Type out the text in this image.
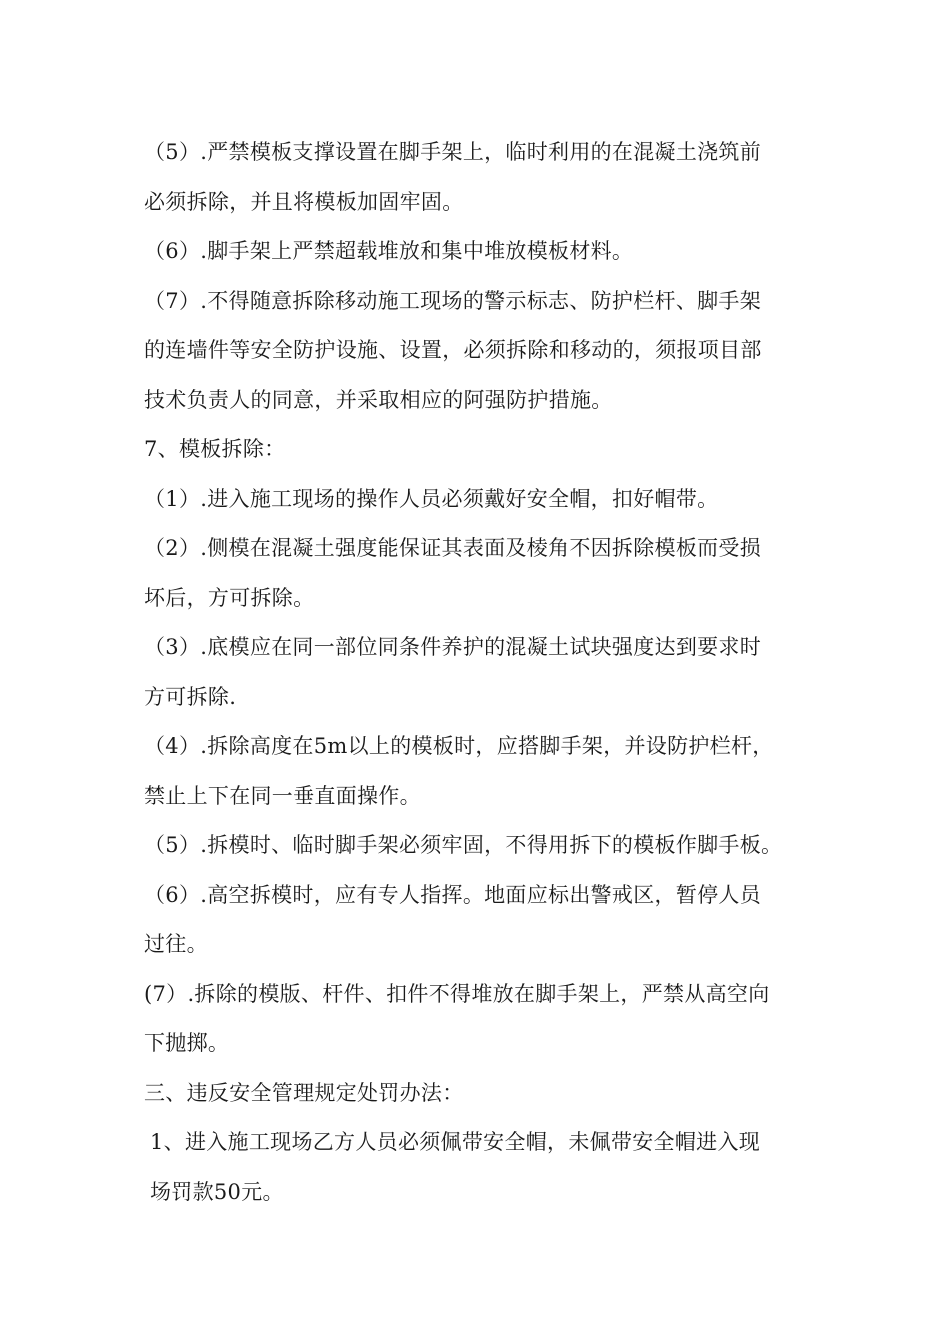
（5）.严禁模板支撑设置在脚手架上，临时利用的在混凝土浇筑前
必须拆除，并且将模板加固牢固。
（6）.脚手架上严禁超载堆放和集中堆放模板材料。
（7）.不得随意拆除移动施工现场的警示标志、防护栏杆、脚手架
的连墙件等安全防护设施、设置，必须拆除和移动的，须报项目部
技术负责人的同意，并采取相应的阿强防护措施。
7、模板拆除：
（1）.进入施工现场的操作人员必须戴好安全帽，扣好帽带。
（2）.侧模在混凝土强度能保证其表面及棱角不因拆除模板而受损
坏后，方可拆除。
（3）.底模应在同一部位同条件养护的混凝土试块强度达到要求时
方可拆除.
（4）.拆除高度在5m以上的模板时，应搭脚手架，并设防护栏杆，
禁止上下在同一垂直面操作。
（5）.拆模时、临时脚手架必须牢固，不得用拆下的模板作脚手板。
（6）.高空拆模时，应有专人指挥。地面应标出警戒区，暂停人员
过往。
(7）.拆除的模版、杆件、扣件不得堆放在脚手架上，严禁从高空向
下抛掷。
三、违反安全管理规定处罚办法：
1、进入施工现场乙方人员必须佩带安全帽，未佩带安全帽进入现
场罚款50元。
